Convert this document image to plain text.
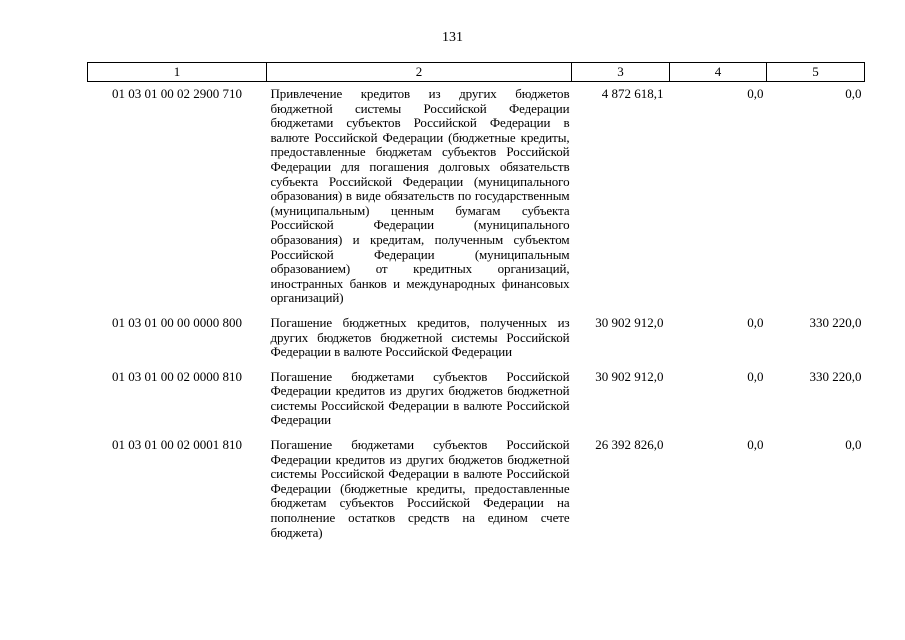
131
1	2	3	4	5
01 03 01 00 02 2900 710	Привлечение кредитов из других бюджетов бюджетной системы Российской Федерации бюджетами субъектов Российской Федерации в валюте Российской Федерации (бюджетные кредиты, предоставленные бюджетам субъектов Российской Федерации для погашения долговых обязательств субъекта Российской Федерации (муниципального образования) в виде обязательств по государственным (муниципальным) ценным бумагам субъекта Российской Федерации (муниципального образования) и кредитам, полученным субъектом Российской Федерации (муниципальным образованием) от кредитных организаций, иностранных банков и международных финансовых организаций)	4 872 618,1	0,0	0,0
01 03 01 00 00 0000 800	Погашение бюджетных кредитов, полученных из других бюджетов бюджетной системы Российской Федерации в валюте Российской Федерации	30 902 912,0	0,0	330 220,0
01 03 01 00 02 0000 810	Погашение бюджетами субъектов Российской Федерации кредитов из других бюджетов бюджетной системы Российской Федерации в валюте Российской Федерации	30 902 912,0	0,0	330 220,0
01 03 01 00 02 0001 810	Погашение бюджетами субъектов Российской Федерации кредитов из других бюджетов бюджетной системы Российской Федерации в валюте Российской Федерации (бюджетные кредиты, предоставленные бюджетам субъектов Российской Федерации на пополнение остатков средств на едином счете бюджета)	26 392 826,0	0,0	0,0
